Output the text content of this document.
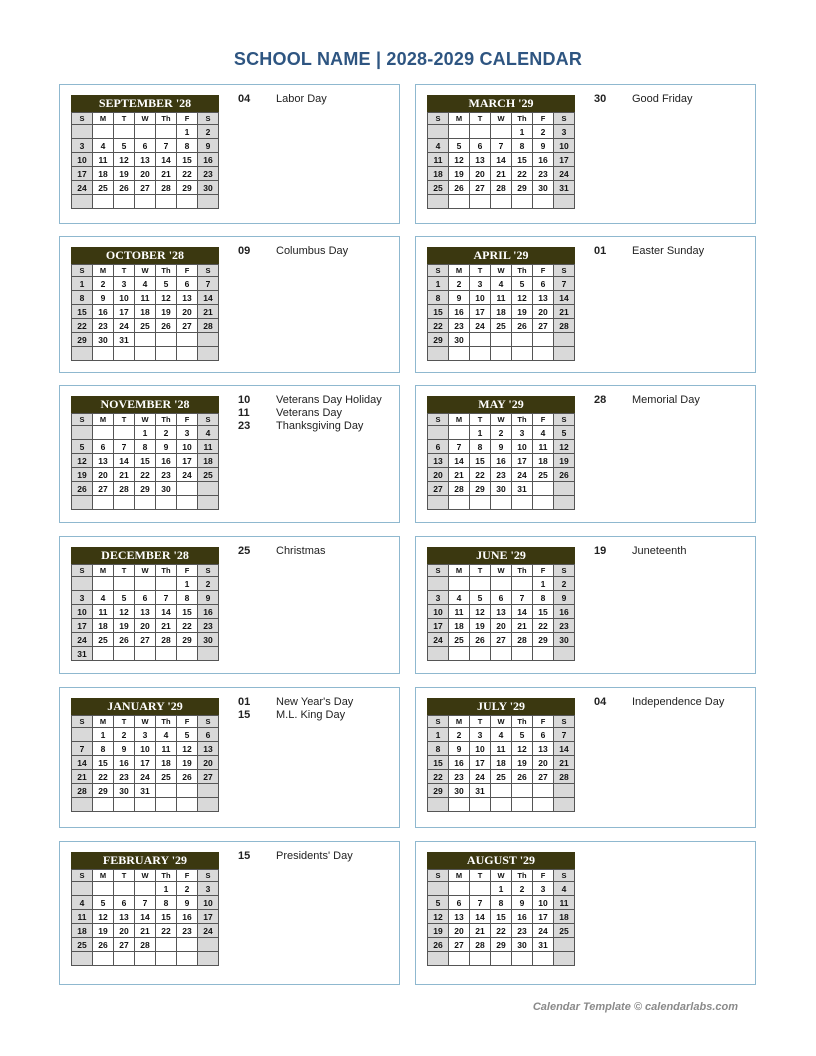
SCHOOL NAME | 2028-2029 CALENDAR
SEPTEMBER '28
S	M	T	W	Th	F	S
					1	2
3	4	5	6	7	8	9
10	11	12	13	14	15	16
17	18	19	20	21	22	23
24	25	26	27	28	29	30

04 Labor Day
OCTOBER '28
S	M	T	W	Th	F	S
1	2	3	4	5	6	7
8	9	10	11	12	13	14
15	16	17	18	19	20	21
22	23	24	25	26	27	28
29	30	31				

09 Columbus Day
NOVEMBER '28
S	M	T	W	Th	F	S
			1	2	3	4
5	6	7	8	9	10	11
12	13	14	15	16	17	18
19	20	21	22	23	24	25
26	27	28	29	30		

10 Veterans Day Holiday
11 Veterans Day
23 Thanksgiving Day
DECEMBER '28
S	M	T	W	Th	F	S
					1	2
3	4	5	6	7	8	9
10	11	12	13	14	15	16
17	18	19	20	21	22	23
24	25	26	27	28	29	30
31						
25 Christmas
JANUARY '29
S	M	T	W	Th	F	S
	1	2	3	4	5	6
7	8	9	10	11	12	13
14	15	16	17	18	19	20
21	22	23	24	25	26	27
28	29	30	31			

01 New Year's Day
15 M.L. King Day
FEBRUARY '29
S	M	T	W	Th	F	S
				1	2	3
4	5	6	7	8	9	10
11	12	13	14	15	16	17
18	19	20	21	22	23	24
25	26	27	28			

15 Presidents' Day
MARCH '29
S	M	T	W	Th	F	S
				1	2	3
4	5	6	7	8	9	10
11	12	13	14	15	16	17
18	19	20	21	22	23	24
25	26	27	28	29	30	31

30 Good Friday
APRIL '29
S	M	T	W	Th	F	S
1	2	3	4	5	6	7
8	9	10	11	12	13	14
15	16	17	18	19	20	21
22	23	24	25	26	27	28
29	30					

01 Easter Sunday
MAY '29
S	M	T	W	Th	F	S
		1	2	3	4	5
6	7	8	9	10	11	12
13	14	15	16	17	18	19
20	21	22	23	24	25	26
27	28	29	30	31		

28 Memorial Day
JUNE '29
S	M	T	W	Th	F	S
					1	2
3	4	5	6	7	8	9
10	11	12	13	14	15	16
17	18	19	20	21	22	23
24	25	26	27	28	29	30

19 Juneteenth
JULY '29
S	M	T	W	Th	F	S
1	2	3	4	5	6	7
8	9	10	11	12	13	14
15	16	17	18	19	20	21
22	23	24	25	26	27	28
29	30	31				

04 Independence Day
AUGUST '29
S	M	T	W	Th	F	S
			1	2	3	4
5	6	7	8	9	10	11
12	13	14	15	16	17	18
19	20	21	22	23	24	25
26	27	28	29	30	31	

Calendar Template © calendarlabs.com
